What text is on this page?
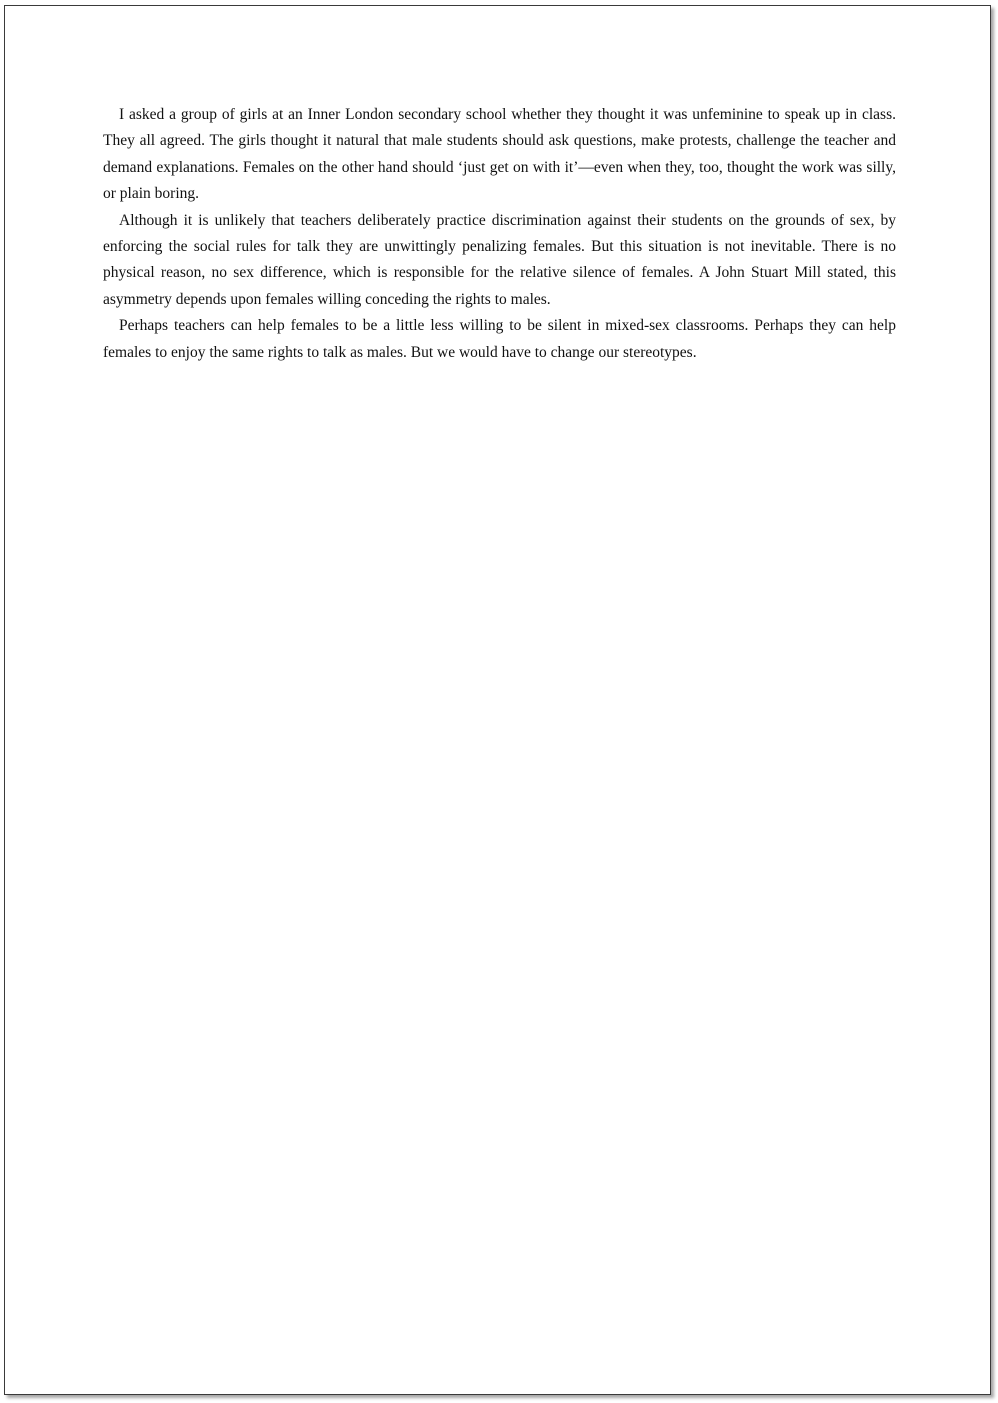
I asked a group of girls at an Inner London secondary school whether they thought it was unfeminine to speak up in class. They all agreed. The girls thought it natural that male students should ask questions, make protests, challenge the teacher and demand explanations. Females on the other hand should ‘just get on with it’—even when they, too, thought the work was silly, or plain boring.

Although it is unlikely that teachers deliberately practice discrimination against their students on the grounds of sex, by enforcing the social rules for talk they are unwittingly penalizing females. But this situation is not inevitable. There is no physical reason, no sex difference, which is responsible for the relative silence of females. A John Stuart Mill stated, this asymmetry depends upon females willing conceding the rights to males.

Perhaps teachers can help females to be a little less willing to be silent in mixed-sex classrooms. Perhaps they can help females to enjoy the same rights to talk as males. But we would have to change our stereotypes.
